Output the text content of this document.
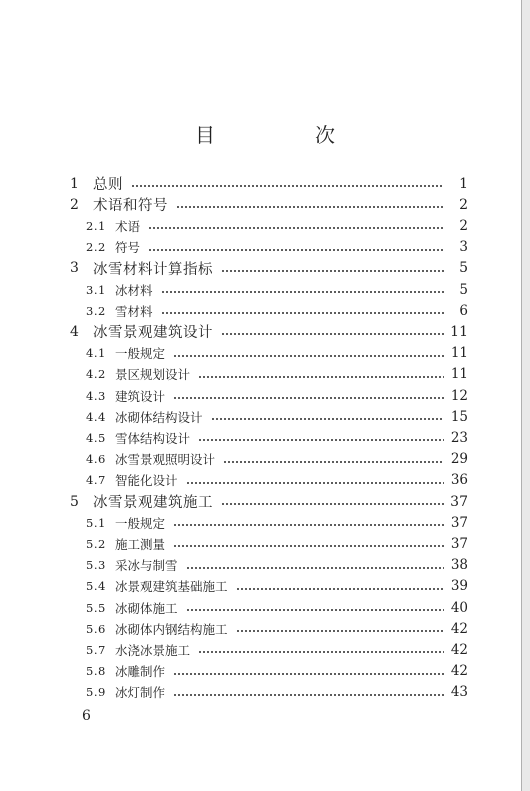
目　次
1 总则	1
2 术语和符号	2
2.1 术语	2
2.2 符号	3
3 冰雪材料计算指标	5
3.1 冰材料	5
3.2 雪材料	6
4 冰雪景观建筑设计	11
4.1 一般规定	11
4.2 景区规划设计	11
4.3 建筑设计	12
4.4 冰砌体结构设计	15
4.5 雪体结构设计	23
4.6 冰雪景观照明设计	29
4.7 智能化设计	36
5 冰雪景观建筑施工	37
5.1 一般规定	37
5.2 施工测量	37
5.3 采冰与制雪	38
5.4 冰景观建筑基础施工	39
5.5 冰砌体施工	40
5.6 冰砌体内钢结构施工	42
5.7 水浇冰景施工	42
5.8 冰雕制作	42
5.9 冰灯制作	43
6
